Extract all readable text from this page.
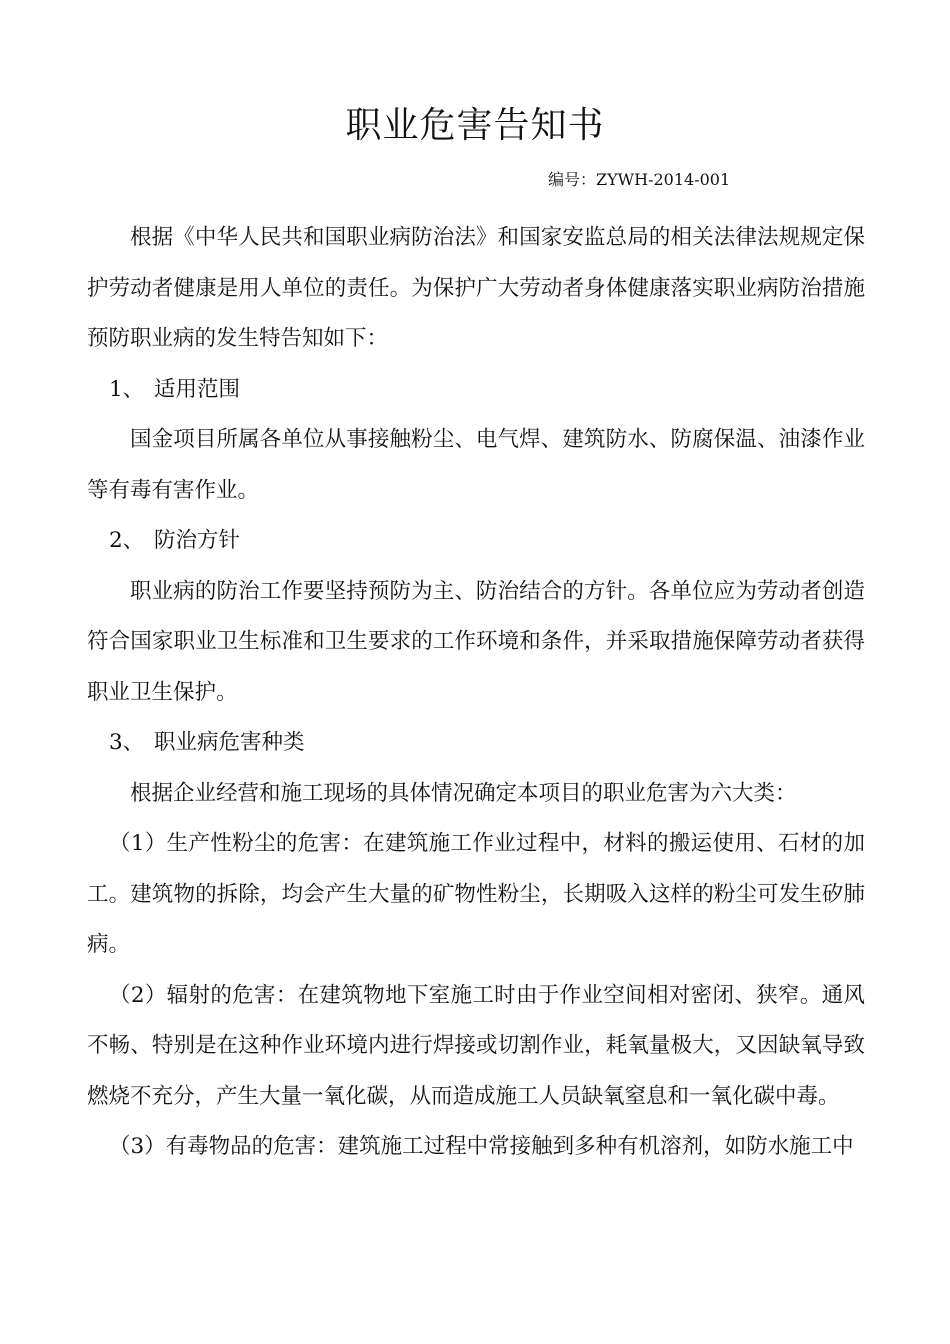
职业危害告知书
编号：ZYWH-2014-001

根据《中华人民共和国职业病防治法》和国家安监总局的相关法律法规规定保护劳动者健康是用人单位的责任。为保护广大劳动者身体健康落实职业病防治措施预防职业病的发生特告知如下：

1、 适用范围

国金项目所属各单位从事接触粉尘、电气焊、建筑防水、防腐保温、油漆作业等有毒有害作业。

2、 防治方针

职业病的防治工作要坚持预防为主、防治结合的方针。各单位应为劳动者创造符合国家职业卫生标准和卫生要求的工作环境和条件，并采取措施保障劳动者获得职业卫生保护。

3、 职业病危害种类

根据企业经营和施工现场的具体情况确定本项目的职业危害为六大类：

（1）生产性粉尘的危害：在建筑施工作业过程中，材料的搬运使用、石材的加工。建筑物的拆除，均会产生大量的矿物性粉尘，长期吸入这样的粉尘可发生矽肺病。

（2）辐射的危害：在建筑物地下室施工时由于作业空间相对密闭、狭窄。通风不畅、特别是在这种作业环境内进行焊接或切割作业，耗氧量极大，又因缺氧导致燃烧不充分，产生大量一氧化碳，从而造成施工人员缺氧窒息和一氧化碳中毒。

（3）有毒物品的危害：建筑施工过程中常接触到多种有机溶剂，如防水施工中
